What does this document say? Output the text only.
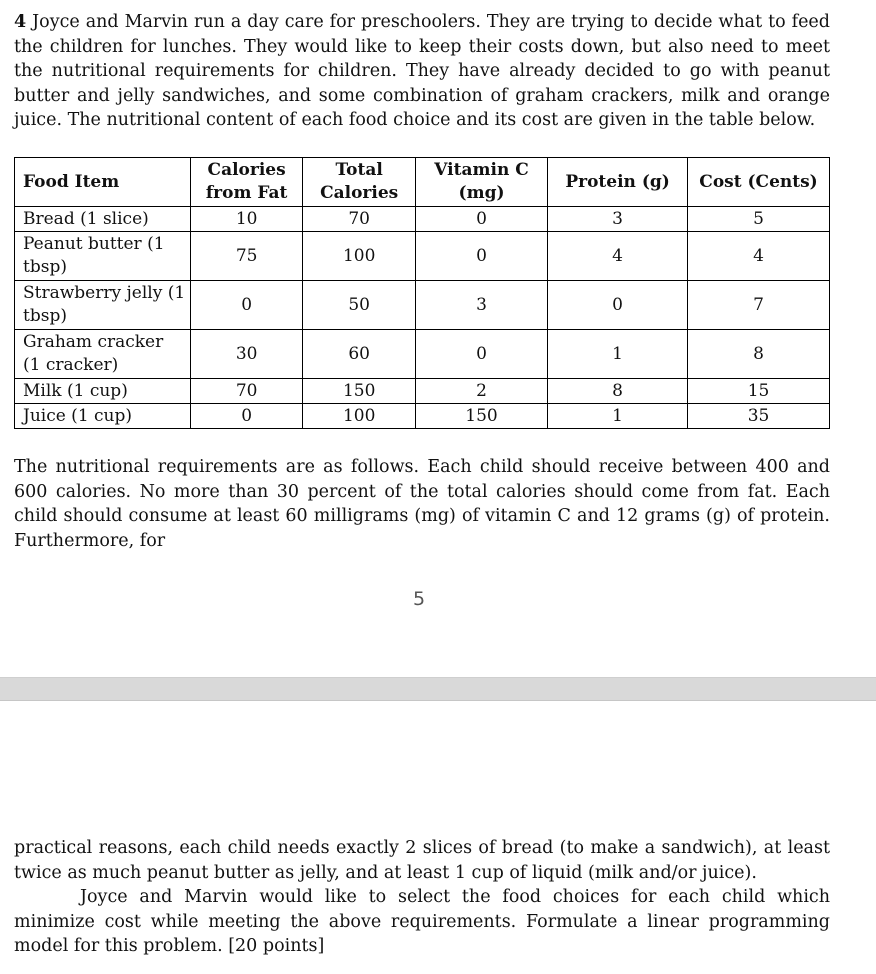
4 Joyce and Marvin run a day care for preschoolers. They are trying to decide what to feed the children for lunches. They would like to keep their costs down, but also need to meet the nutritional requirements for children. They have already decided to go with peanut butter and jelly sandwiches, and some combination of graham crackers, milk and orange juice. The nutritional content of each food choice and its cost are given in the table below.

Food Item	Calories from Fat	Total Calories	Vitamin C (mg)	Protein (g)	Cost (Cents)
Bread (1 slice)	10	70	0	3	5
Peanut butter (1 tbsp)	75	100	0	4	4
Strawberry jelly (1 tbsp)	0	50	3	0	7
Graham cracker (1 cracker)	30	60	0	1	8
Milk (1 cup)	70	150	2	8	15
Juice (1 cup)	0	100	150	1	35

The nutritional requirements are as follows. Each child should receive between 400 and 600 calories. No more than 30 percent of the total calories should come from fat. Each child should consume at least 60 milligrams (mg) of vitamin C and 12 grams (g) of protein. Furthermore, for

5

practical reasons, each child needs exactly 2 slices of bread (to make a sandwich), at least twice as much peanut butter as jelly, and at least 1 cup of liquid (milk and/or juice).
Joyce and Marvin would like to select the food choices for each child which minimize cost while meeting the above requirements. Formulate a linear programming model for this problem. [20 points]
